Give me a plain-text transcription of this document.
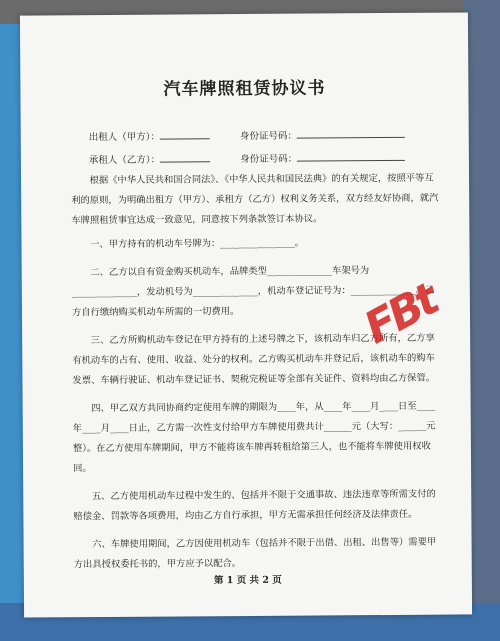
汽车牌照租赁协议书
出租人（甲方）：	身份证号码：
承租人（乙方）：	身份证号码：

根据《中华人民共和国合同法》、《中华人民共和国民法典》的有关规定，按照平等互利的原则，为明确出租方（甲方）、承租方（乙方）权利义务关系，双方经友好协商，就汽车牌照租赁事宜达成一致意见，同意按下列条款签订本协议。

一、甲方持有的机动车号牌为：________________。

二、乙方以自有资金购买机动车，品牌类型______________车架号为______________，发动机号为______________，机动车登记证号为：______________。乙方自行缴纳购买机动车所需的一切费用。

三、乙方所购机动车登记在甲方持有的上述号牌之下，该机动车归乙方所有，乙方享有机动车的占有、使用、收益、处分的权利。乙方购买机动车并登记后，该机动车的购车发票、车辆行驶证、机动车登记证书、契税完税证等全部有关证件、资料均由乙方保管。

四、甲乙双方共同协商约定使用车牌的期限为____年，从____年____月____日至____年____月____日止，乙方需一次性支付给甲方车牌使用费共计______元（大写：______元整）。在乙方使用车牌期间，甲方不能将该车牌再转租给第三人，也不能将车牌使用权收回。

五、乙方使用机动车过程中发生的、包括并不限于交通事故、违法违章等所需支付的赔偿金、罚款等各项费用，均由乙方自行承担，甲方无需承担任何经济及法律责任。

六、车牌使用期间，乙方因使用机动车（包括并不限于出借、出租、出售等）需要甲方出具授权委托书的，甲方应予以配合。

第 1 页 共 2 页
FBt
